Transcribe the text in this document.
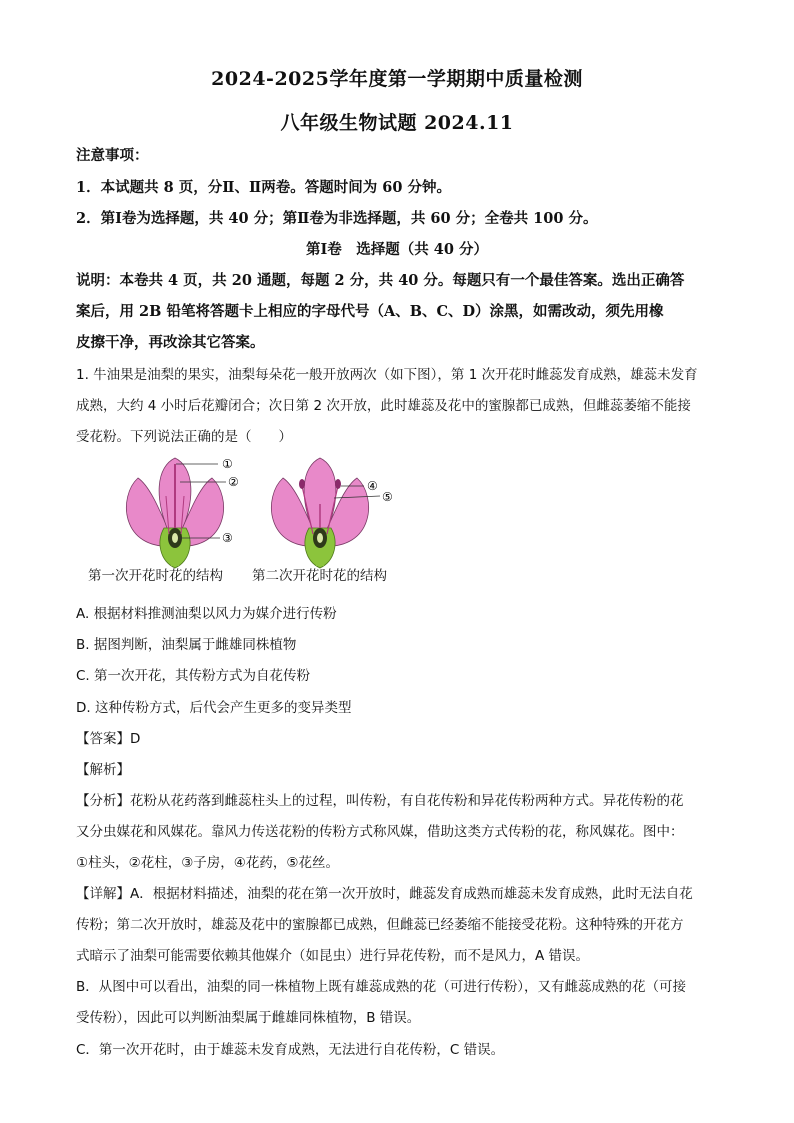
2024-2025学年度第一学期期中质量检测
八年级生物试题 2024.11
注意事项：
1．本试题共 8 页，分Ⅱ、Ⅱ两卷。答题时间为 60 分钟。
2．第Ⅰ卷为选择题，共 40 分；第Ⅱ卷为非选择题，共 60 分；全卷共 100 分。
第Ⅰ卷　选择题（共 40 分）
说明：本卷共 4 页，共 20 通题，每题 2 分，共 40 分。每题只有一个最佳答案。选出正确答
案后，用 2B 铅笔将答题卡上相应的字母代号（A、B、C、D）涂黑，如需改动，须先用橡
皮擦干净，再改涂其它答案。
1. 牛油果是油梨的果实，油梨每朵花一般开放两次（如下图），第 1 次开花时雌蕊发育成熟，雄蕊未发育
成熟，大约 4 小时后花瓣闭合；次日第 2 次开放，此时雄蕊及花中的蜜腺都已成熟，但雌蕊萎缩不能接
受花粉。下列说法正确的是（　　）
①
②
③
④
⑤
第一次开花时花的结构 第二次开花时花的结构
A. 根据材料推测油梨以风力为媒介进行传粉
B. 据图判断，油梨属于雌雄同株植物
C. 第一次开花，其传粉方式为自花传粉
D. 这种传粉方式，后代会产生更多的变异类型
【答案】D
【解析】
【分析】花粉从花药落到雌蕊柱头上的过程，叫传粉，有自花传粉和异花传粉两种方式。异花传粉的花
又分虫媒花和风媒花。靠风力传送花粉的传粉方式称风媒，借助这类方式传粉的花，称风媒花。图中：
①柱头，②花柱，③子房，④花药，⑤花丝。
【详解】A．根据材料描述，油梨的花在第一次开放时，雌蕊发育成熟而雄蕊未发育成熟，此时无法自花
传粉；第二次开放时，雄蕊及花中的蜜腺都已成熟，但雌蕊已经萎缩不能接受花粉。这种特殊的开花方
式暗示了油梨可能需要依赖其他媒介（如昆虫）进行异花传粉，而不是风力，A 错误。
B．从图中可以看出，油梨的同一株植物上既有雄蕊成熟的花（可进行传粉），又有雌蕊成熟的花（可接
受传粉），因此可以判断油梨属于雌雄同株植物，B 错误。
C．第一次开花时，由于雄蕊未发育成熟，无法进行自花传粉，C 错误。
